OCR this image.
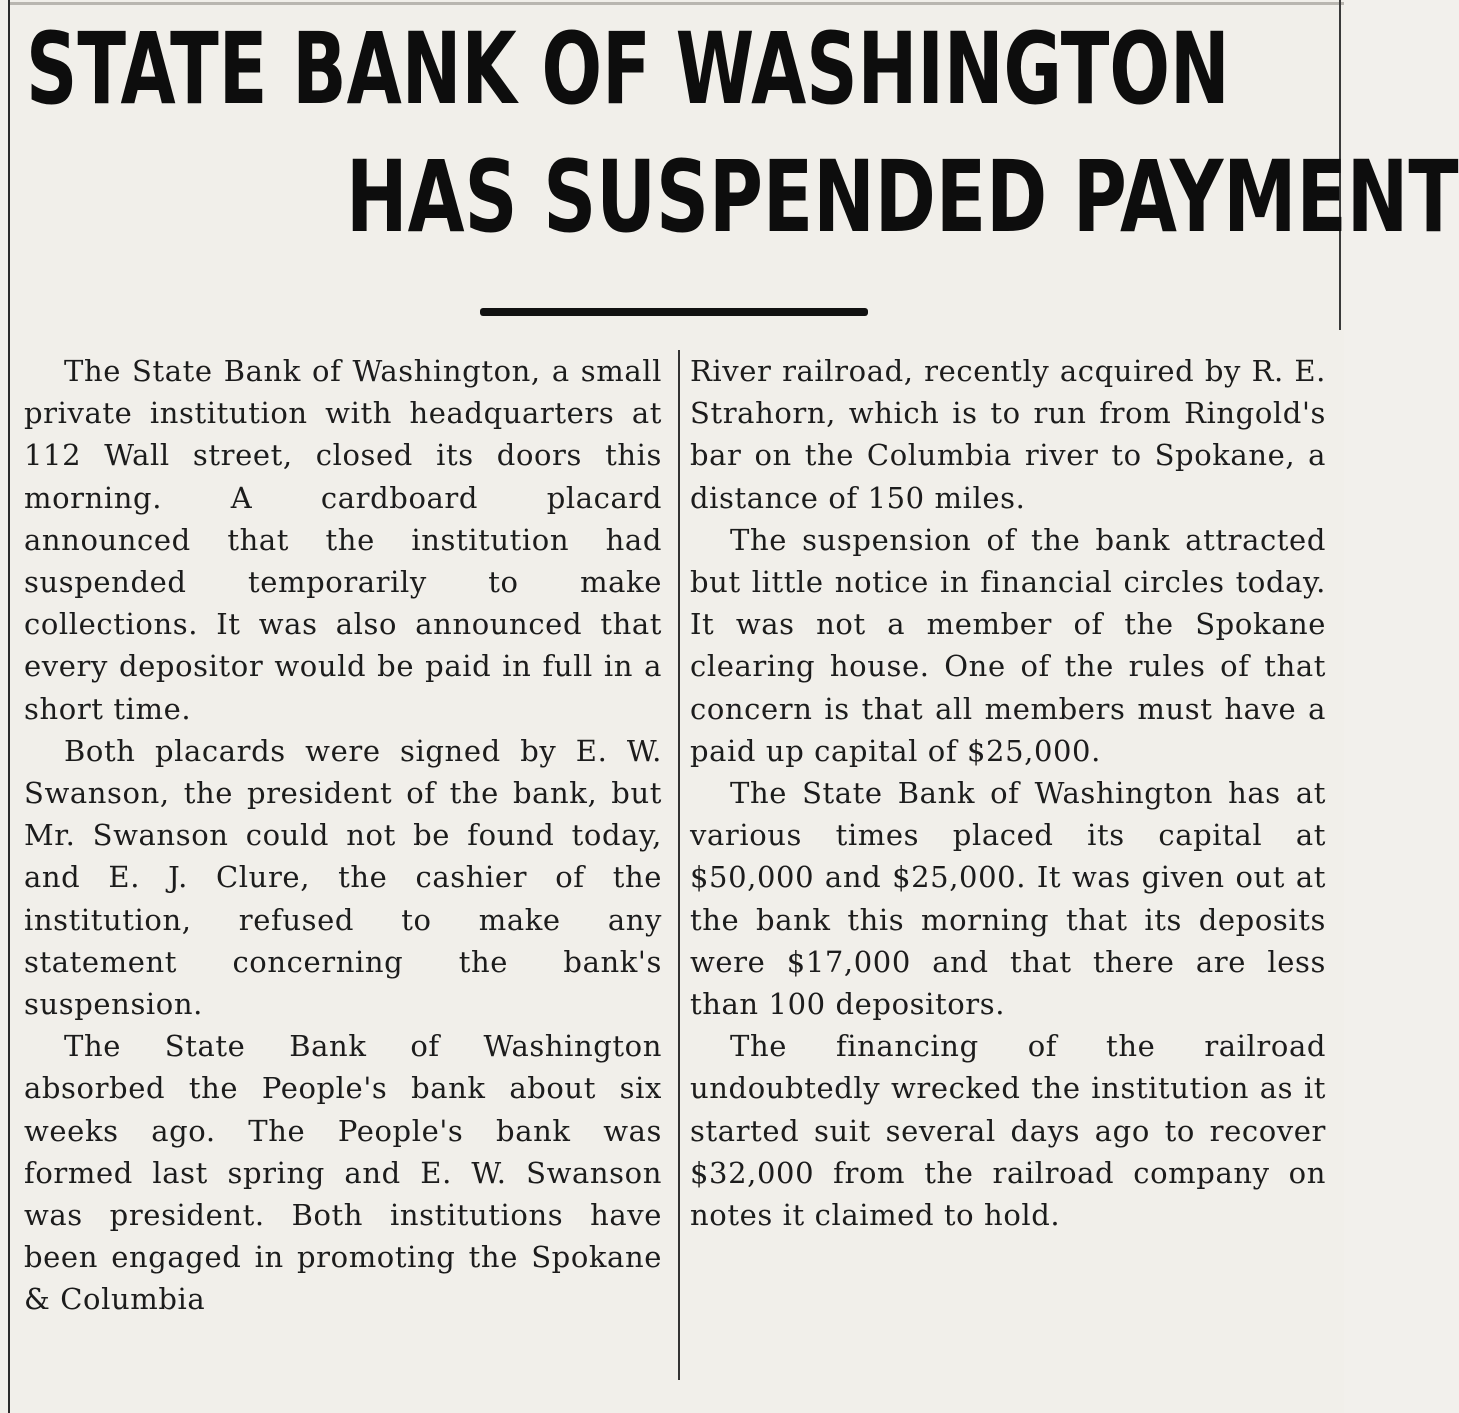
STATE BANK OF WASHINGTON
HAS SUSPENDED PAYMENT

The State Bank of Washington, a small private institution with headquarters at 112 Wall street, closed its doors this morning. A cardboard placard announced that the institution had suspended temporarily to make collections. It was also announced that every depositor would be paid in full in a short time.

Both placards were signed by E. W. Swanson, the president of the bank, but Mr. Swanson could not be found today, and E. J. Clure, the cashier of the institution, refused to make any statement concerning the bank's suspension.

The State Bank of Washington absorbed the People's bank about six weeks ago. The People's bank was formed last spring and E. W. Swanson was president. Both institutions have been engaged in promoting the Spokane & Columbia

River railroad, recently acquired by R. E. Strahorn, which is to run from Ringold's bar on the Columbia river to Spokane, a distance of 150 miles.

The suspension of the bank attracted but little notice in financial circles today. It was not a member of the Spokane clearing house. One of the rules of that concern is that all members must have a paid up capital of $25,000.

The State Bank of Washington has at various times placed its capital at $50,000 and $25,000. It was given out at the bank this morning that its deposits were $17,000 and that there are less than 100 depositors.

The financing of the railroad undoubtedly wrecked the institution as it started suit several days ago to recover $32,000 from the railroad company on notes it claimed to hold.
